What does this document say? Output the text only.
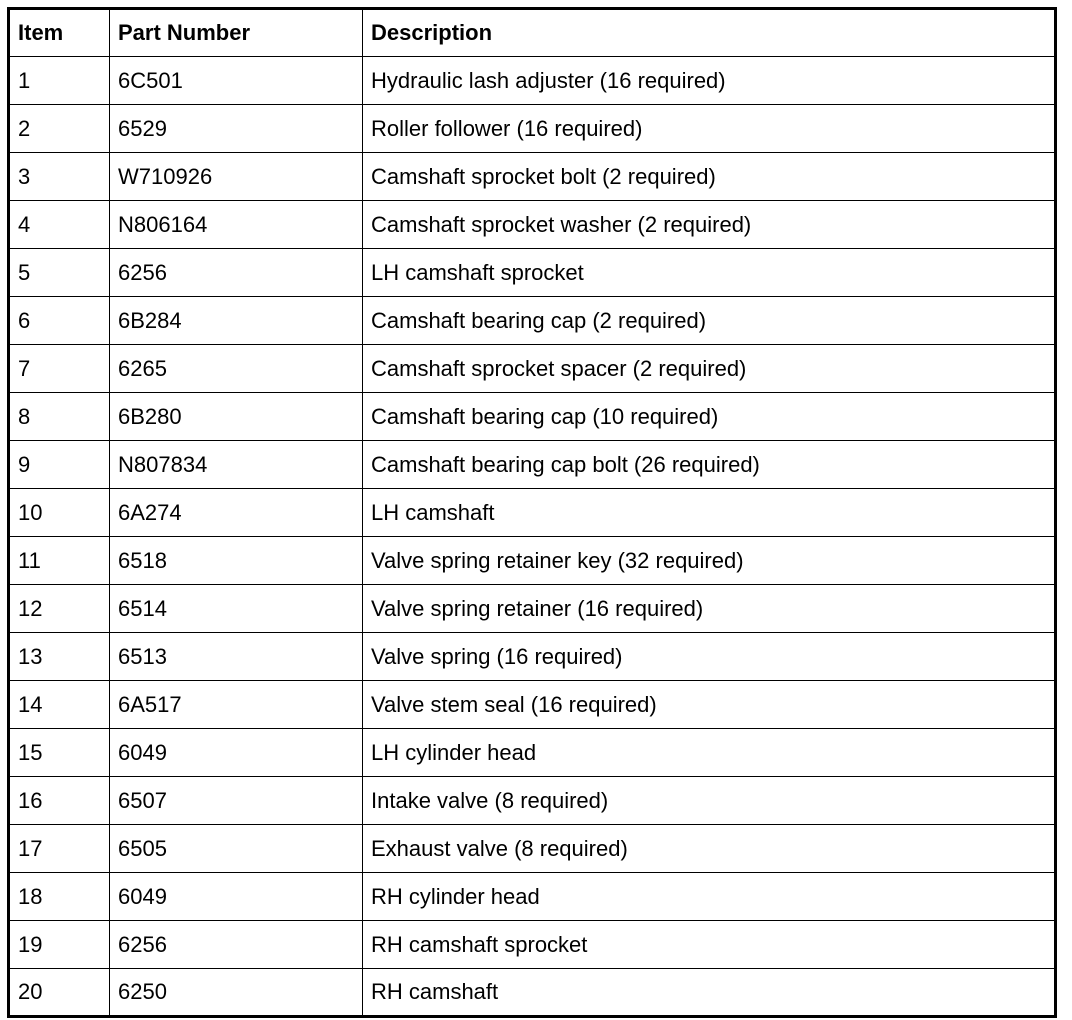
Item	Part Number	Description
1	6C501	Hydraulic lash adjuster (16 required)
2	6529	Roller follower (16 required)
3	W710926	Camshaft sprocket bolt (2 required)
4	N806164	Camshaft sprocket washer (2 required)
5	6256	LH camshaft sprocket
6	6B284	Camshaft bearing cap (2 required)
7	6265	Camshaft sprocket spacer (2 required)
8	6B280	Camshaft bearing cap (10 required)
9	N807834	Camshaft bearing cap bolt (26 required)
10	6A274	LH camshaft
11	6518	Valve spring retainer key (32 required)
12	6514	Valve spring retainer (16 required)
13	6513	Valve spring (16 required)
14	6A517	Valve stem seal (16 required)
15	6049	LH cylinder head
16	6507	Intake valve (8 required)
17	6505	Exhaust valve (8 required)
18	6049	RH cylinder head
19	6256	RH camshaft sprocket
20	6250	RH camshaft
